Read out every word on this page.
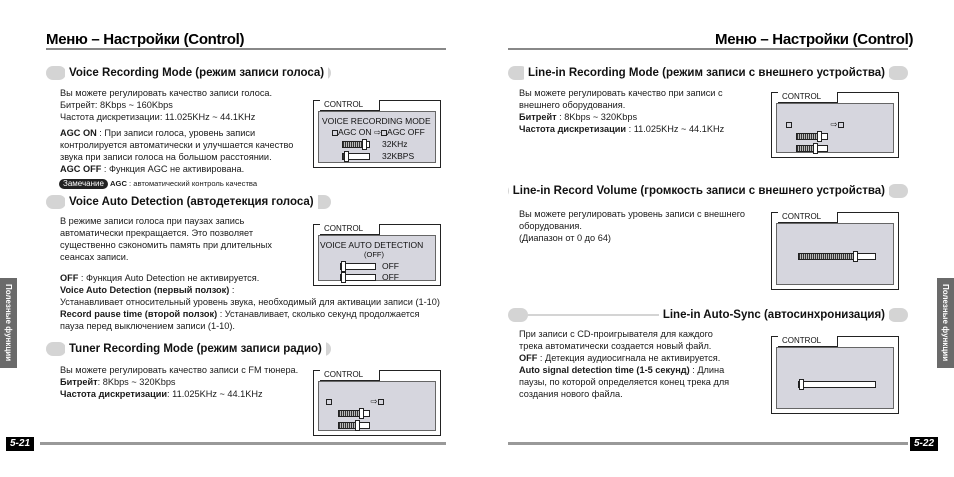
Меню – Настройки (Control)
Voice Recording Mode (режим записи голоса)
Вы можете регулировать качество записи голоса.
Битрейт: 8Kbps ~ 160Kbps
Частота дискретизации: 11.025KHz ~ 44.1KHz
AGC ON : При записи голоса, уровень записи
контролируется автоматически и улучшается качество
звука при записи голоса на большом расстоянии.
AGC OFF : Функция AGC не активирована.
Замечание AGC : автоматический контроль качества
CONTROL
VOICE RECORDING MODE
AGC ON ⇨ AGC OFF
32KHz
32KBPS
Voice Auto Detection (автодетекция голоса)
В режиме записи голоса при паузах запись
автоматически прекращается. Это позволяет
существенно сэкономить память при длительных
сеансах записи.
OFF : Функция Auto Detection не активируется.
Voice Auto Detection (первый ползок) :
Устанавливает относительный уровень звука, необходимый для активации записи (1-10)
Record pause time (второй ползок) : Устанавливает, сколько секунд продолжается
пауза перед выключением записи (1-10).
CONTROL
VOICE AUTO DETECTION
(OFF)
OFF
OFF
Tuner Recording Mode (режим записи радио)
Вы можете регулировать качество записи с FM тюнера.
Битрейт: 8Kbps ~ 320Kbps
Частота дискретизации: 11.025KHz ~ 44.1KHz
CONTROL
⇨
Полезные функции
5-21
Меню – Настройки (Control)
Line-in Recording Mode (режим записи с внешнего устройства)
Вы можете регулировать качество при записи с
внешнего оборудования.
Битрейт : 8Kbps ~ 320Kbps
Частота дискретизации : 11.025KHz ~ 44.1KHz
CONTROL
⇨
Line-in Record Volume (громкость записи с внешнего устройства)
Вы можете регулировать уровень записи с внешнего
оборудования.
(Диапазон от 0 до 64)
CONTROL
Line-in Auto-Sync (автосинхронизация)
При записи с CD-проигрывателя для каждого
трека автоматически создается новый файл.
OFF : Детекция аудиосигнала не активируется.
Auto signal detection time (1-5 секунд) : Длина
паузы, по которой определяется конец трека для
создания нового файла.
CONTROL	Полезные функции
5-22
